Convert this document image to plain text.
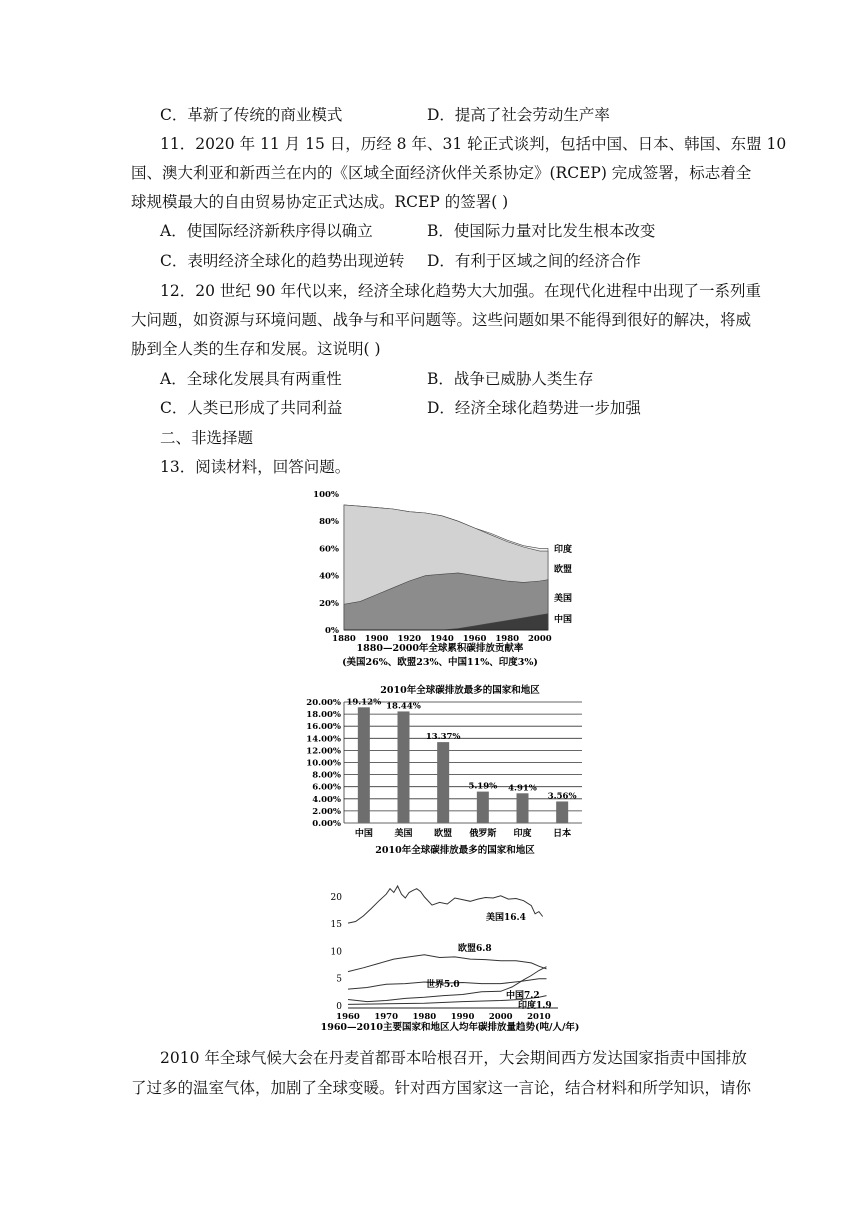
C．革新了传统的商业模式	D．提高了社会劳动生产率
11．2020 年 11 月 15 日，历经 8 年、31 轮正式谈判，包括中国、日本、韩国、东盟 10
国、澳大利亚和新西兰在内的《区域全面经济伙伴关系协定》(RCEP) 完成签署，标志着全
球规模最大的自由贸易协定正式达成。RCEP 的签署( )
A．使国际经济新秩序得以确立	B．使国际力量对比发生根本改变
C．表明经济全球化的趋势出现逆转 D．有利于区域之间的经济合作
12．20 世纪 90 年代以来，经济全球化趋势大大加强。在现代化进程中出现了一系列重
大问题，如资源与环境问题、战争与和平问题等。这些问题如果不能得到很好的解决，将威
胁到全人类的生存和发展。这说明( )
A．全球化发展具有两重性	B．战争已威胁人类生存
C．人类已形成了共同利益	D．经济全球化趋势进一步加强
二、非选择题
13．阅读材料，回答问题。
0%
20%
40%
60%
80%
100%
1880 1900 1920 1940 1960 1980 2000
印度
欧盟
美国
中国
1880—2000年全球累积碳排放贡献率
(美国26%、欧盟23%、中国11%、印度3%)
2010年全球碳排放最多的国家和地区
0.00%
2.00%
4.00%
6.00%
8.00%
10.00%
12.00%
14.00%
16.00%
18.00%
20.00% 19.12% 18.44%
13.37%
5.19% 4.91%
3.56%
中国 美国 欧盟 俄罗斯 印度 日本
2010年全球碳排放最多的国家和地区
0
5
10
15
20
1960 1970 1980 1990 2000 2010
美国16.4
欧盟6.8
世界5.0
中国7.2
印度1.9
1960—2010主要国家和地区人均年碳排放量趋势(吨/人/年)
2010 年全球气候大会在丹麦首都哥本哈根召开，大会期间西方发达国家指责中国排放
了过多的温室气体，加剧了全球变暖。针对西方国家这一言论，结合材料和所学知识，请你
